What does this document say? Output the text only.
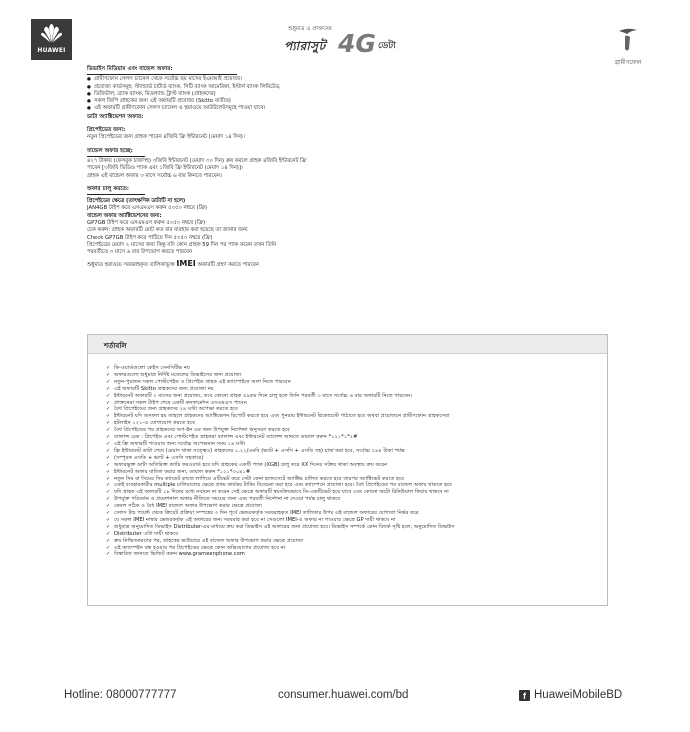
HUAWEI
শুধুমাত্র এ প্রাক্তনের
প্যারাসুট 4G ডেটা
গ্রামীণফোন
ডিভাইস মিডিয়াম এবং বান্ডেল অফার:
● গ্রামীণফোন সেলস চ্যানেল থেকে সর্বোচ্চ ছয় মাসের ইএমআই প্রযোজ্য।
● প্রযোজ্য কার্ডসমূহ: স্ট্যান্ডার্ড চার্টার্ড ব্যাংক, সিটি ব্যাংক আমেরিকা, ইস্টার্ন ব্যাংক লিমিটেড,
● ডিজিটাল, ব্র্যাক ব্যাংক, মিডল্যান্ড ট্রাস্ট ব্যাংক (গ্রাহকদের)
● সকল জিপি গ্রাহকের জন্য এই অফারটি প্রযোজ্য (Skitto ব্যতীত)
● এই অফারটি গ্রামীণফোন সেলস চ্যানেল ও হুয়াওয়ে আউটলেটসমূহে পাওয়া যাবে।
ডাটা অ্যাক্টিভেশন অফার:
প্রিপেইডের জন্য:
নতুন প্রিপেইডের জন্য গ্রাহক পাবেন ৪জিবি ফ্রি ইন্টারনেট (মেয়াদ ১৪ দিন)।
বান্ডেল অফার হচ্ছে:
৪২৭ টাকায় (ফেসবুক চার্জসহ) ৩জিবি ইন্টারনেট (মেয়াদ ৩০ দিন) ক্রয় করলে গ্রাহক ৪জিবি ইন্টারনেট ফ্রি
পাবেন [৩জিবি ভিডিও প্যাক এবং ১জিবি ফ্রি ইন্টারনেট (মেয়াদ ১৪ দিন)]।
গ্রাহক এই বান্ডেল অফার ৩ মাসে সর্বোচ্চ ৬ বার কিনতে পারবেন।
অফার চালু করতে:
প্রিপেইডের ক্ষেত্রে (তাৎক্ষণিক ডাটাটি না হলে)
JAN4GB টাইপ করে এসএমএস করুন ৫০৫০ নম্বরে (ফ্রি)
বান্ডেল অফার অ্যাক্টিভেশনের জন্য:
GP7GB টাইপ করে এসএমএস করুন ৫০৫০ নম্বরে (ফ্রি)
চেক করুন: গ্রাহক অফারটি মোট কত বার ব্যবহার করা হয়েছে তা জানার জন্য
Check GP7GB টাইপ করে পাঠিয়ে দিন ৫০৫০ নম্বরে (ফ্রি)
প্রিপেইডের মেয়াদ ২ মাসের জন্য কিন্তু যদি কোন গ্রাহক 59 দিন পর প্যাক করেন তখন তিনি
পরবর্তীতে ৩ মাসে ৬ বার উপভোগ করতে পারবেন
শুধুমাত্র হুয়াওয়ে সরবরাহকৃত তালিকাভুক্ত IMEI অফারটি গ্রহণ করতে পারবেন
শর্তাবলি
✓ কি-ওয়ার্ডগুলো কেইস সেনসিটিভ নয়
✓ অফারগুলো শুধুমাত্র নির্দিষ্ট মডেলের ডিভাইসের জন্য প্রযোজ্য
✓ নতুন-পুরাতন সকল পোস্টপেইড ও প্রিপেইড গ্রাহক এই ক্যাম্পেইনে অংশ নিতে পারবেন
✓ এই অফারটি Skitto গ্রাহকদের জন্য প্রযোজ্য নয়
✓ ইন্টারনেট অফারটি ২ মাসের জন্য প্রযোজ্য, তবে কোনো গ্রাহক ৫৯তম দিনে চালু হলে তিনি পরবর্তী ৩ মাসে সর্বোচ্চ ৬ বার অফারটি নিতে পারবেন।
✓ প্রাক্তনেরা সকল টাইপ শেষে একটি কনফার্মেশন এসএমএস পাবেন
✓ বৈধ প্রিপেইডের জন্য গ্রাহকদের ২৪ ঘণ্টা অপেক্ষা করতে হবে
✓ ইন্টারনেট যদি অসফল হয় তাহলে গ্রাহকদের অ্যাক্টিভেশন রিপোর্ট করতে হবে এবং পুনরায় ইন্টারনেট রিকোয়েস্ট পাঠাতে হবে অথবা প্রয়োজনে গ্রামীণফোন গ্রাহকসেবা
✓ হটলাইন ১২১-এ যোগাযোগ করতে হবে
✓ বৈধ প্রিপেইডের পর গ্রাহকদের অপ-ইন এর জন্য উপযুক্ত নির্দেশনা অনুসরণ করতে হবে
✓ ব্যালান্স চেক : প্রিপেইড এবং পোস্টপেইড গ্রাহকরা ব্যালান্স এবং ইন্টারনেট ব্যালেন্স জানতে ডায়াল করুন *১২১*১*২#
✓ এই ফ্রি অফারটি পাওয়ার জন্য সর্বোচ্চ অপেক্ষমান সময় ২৪ ঘণ্টা
✓ ফ্রি ইন্টারনেট ডাটা শেষে (মেয়াদ থাকা সত্ত্বেও) গ্রাহকদের ০.২২/এমবি (ভ্যাট + এসসি + এসডি সহ) চার্জ করা হবে, সর্বোচ্চ ২৪৪ টাকা পর্যন্ত
✓ (সম্পূরক এসডি + ভ্যাট + এসসি সহকারে)
✓ অফারভুক্ত ডাটা অতিরিক্ত ক্যারি ফরওয়ার্ড হবে যদি গ্রাহকের একটি প্যাক (XGB) চালু করে XX দিনের সক্রিয় থাকা অবস্থায় ক্রয় করেন
✓ ইন্টারনেট অফার বাতিল করার জন্য, ডায়াল করুন *১২১*৩০৪১#
✓ নতুন সিম বা সিমের সিম ক্যাডেট কাজে লাগিয়ে এটিভেট করে সেটা কেনা হ্যান্ডসেটে অ্যাক্টিভ চালিত করতে হবে তারপর অ্যাক্টিভেট করতে হবে
✓ একই ব্যবহারকারীর multiple চালিয়ালের ক্ষেত্রে প্রথম কার্যকর টাকিং বিবেচনা করা হবে এবং ক্যাম্পেনে প্রযোজ্য হবে। বৈধ প্রিপেইডের পর বান্ডেল অফার থাকতে হবে
✓ যদি গ্রাহক এই অফারটি ১৮ দিনের মধ্যে নবায়ন না করেন সেই ক্ষেত্রে অফারটি স্বয়ংক্রিয়ভাবে ডি-একটিভেট হয়ে যাবে এবং কোনো অটো রিনিউয়াল ফিচার থাকবে না
✓ উপর্যুক্ত পরিবর্তন ও প্রমোশনাল অফার নীতিতে সময়ের জন্য এবং পরবর্তী নির্দেশনা না দেওয়া পর্যন্ত চালু থাকবে
✓ কেবল সঠিক ও বৈধ IMEI বান্ডেল অফার উপভোগ করার ক্ষেত্রে প্রযোজ্য
✓ সেলস টাচ পয়েন্ট থেকে ক্রিয়েট প্রক্রিয়া সম্পন্নের ৩ দিন পূর্বে ভেন্ডরকর্তৃক সরবরাহকৃত IMEI তালিকার উপর এই বান্ডেল অফারের যোগ্যতা নির্ভর করে
✓ যে সকল IMEI নাম্বার ভেন্ডরকর্তৃক এই অফারের জন্য সরবরাহ করা হবে না সেগুলো IMEI-এ অফার না পাওয়ার ক্ষেত্রে GP দায়ী থাকবে না
✓ শুধুমাত্র অনুমোদিত ডিভাইস Distributer-এর মাধ্যমে ক্রয় করা ডিভাইস এই অফারের জন্য প্রযোজ্য হবে। ডিভাইস সম্পর্কে কোন বিতর্ক সৃষ্টি হলে, অনুমোদিত ডিভাইস
✓ Distributer এর্তি দায়ী থাকবে
✓ ক্রয় নিশ্চিতকরণের পর, গ্রাহকের ভাউচারে এই বান্ডেল অফার উপভোগ করার ক্ষেত্রে প্রযোজ্য
✓ এই ক্যাম্পেইন বন্ধ হওয়ার পর প্রিপেইডের ক্ষেত্রে কোন অভিযোগের প্রযোজ্য হবে না
✓ বিস্তারিত জানতে ভিজিট করুন www.grameenphone.com
Hotline: 08000777777	consumer.huawei.com/bd	f HuaweiMobileBD
